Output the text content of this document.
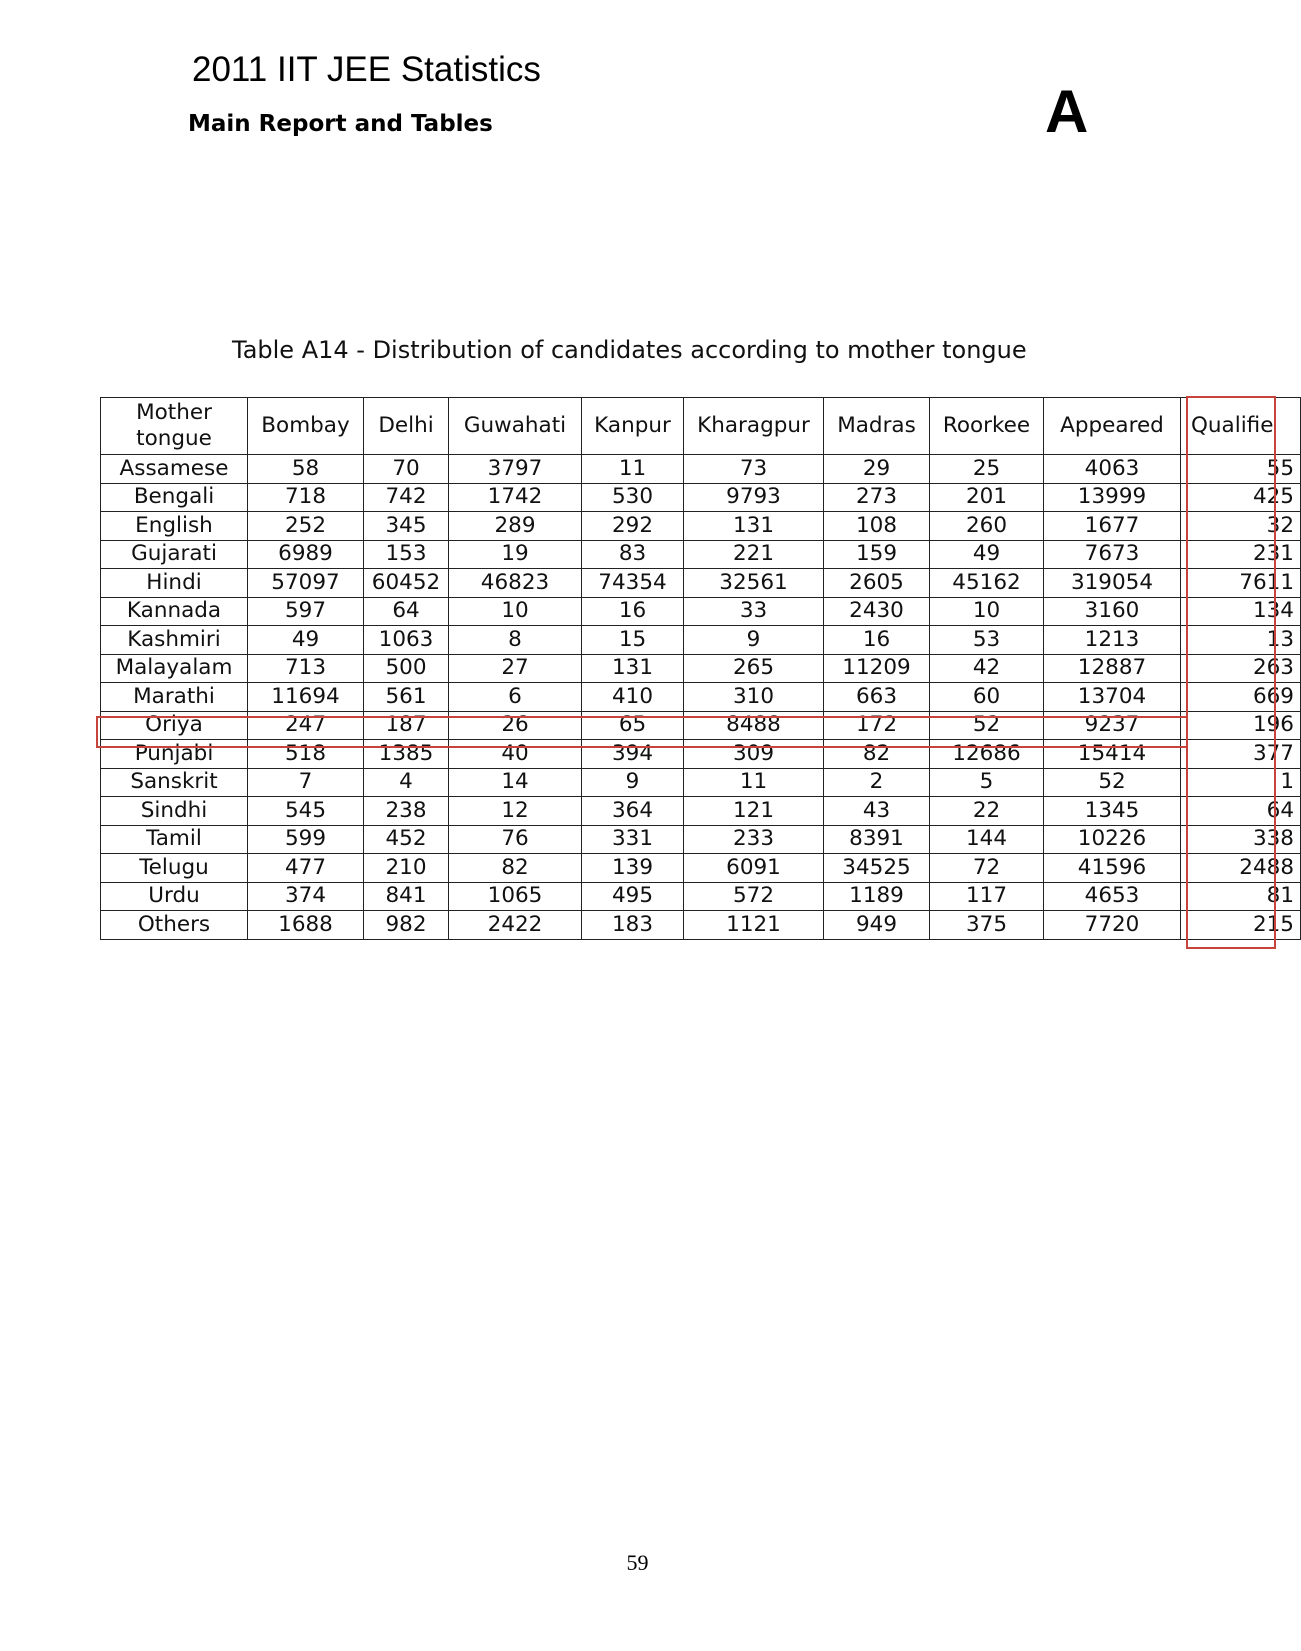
2011 IIT JEE Statistics
Main Report and Tables	A
Table A14 - Distribution of candidates according to mother tongue
Mother tongue	Bombay	Delhi	Guwahati	Kanpur	Kharagpur	Madras	Roorkee	Appeared	Qualifie
Assamese	58	70	3797	11	73	29	25	4063	55
Bengali	718	742	1742	530	9793	273	201	13999	425
English	252	345	289	292	131	108	260	1677	32
Gujarati	6989	153	19	83	221	159	49	7673	231
Hindi	57097	60452	46823	74354	32561	2605	45162	319054	7611
Kannada	597	64	10	16	33	2430	10	3160	134
Kashmiri	49	1063	8	15	9	16	53	1213	13
Malayalam	713	500	27	131	265	11209	42	12887	263
Marathi	11694	561	6	410	310	663	60	13704	669
Oriya	247	187	26	65	8488	172	52	9237	196
Punjabi	518	1385	40	394	309	82	12686	15414	377
Sanskrit	7	4	14	9	11	2	5	52	1
Sindhi	545	238	12	364	121	43	22	1345	64
Tamil	599	452	76	331	233	8391	144	10226	338
Telugu	477	210	82	139	6091	34525	72	41596	2488
Urdu	374	841	1065	495	572	1189	117	4653	81
Others	1688	982	2422	183	1121	949	375	7720	215
59
